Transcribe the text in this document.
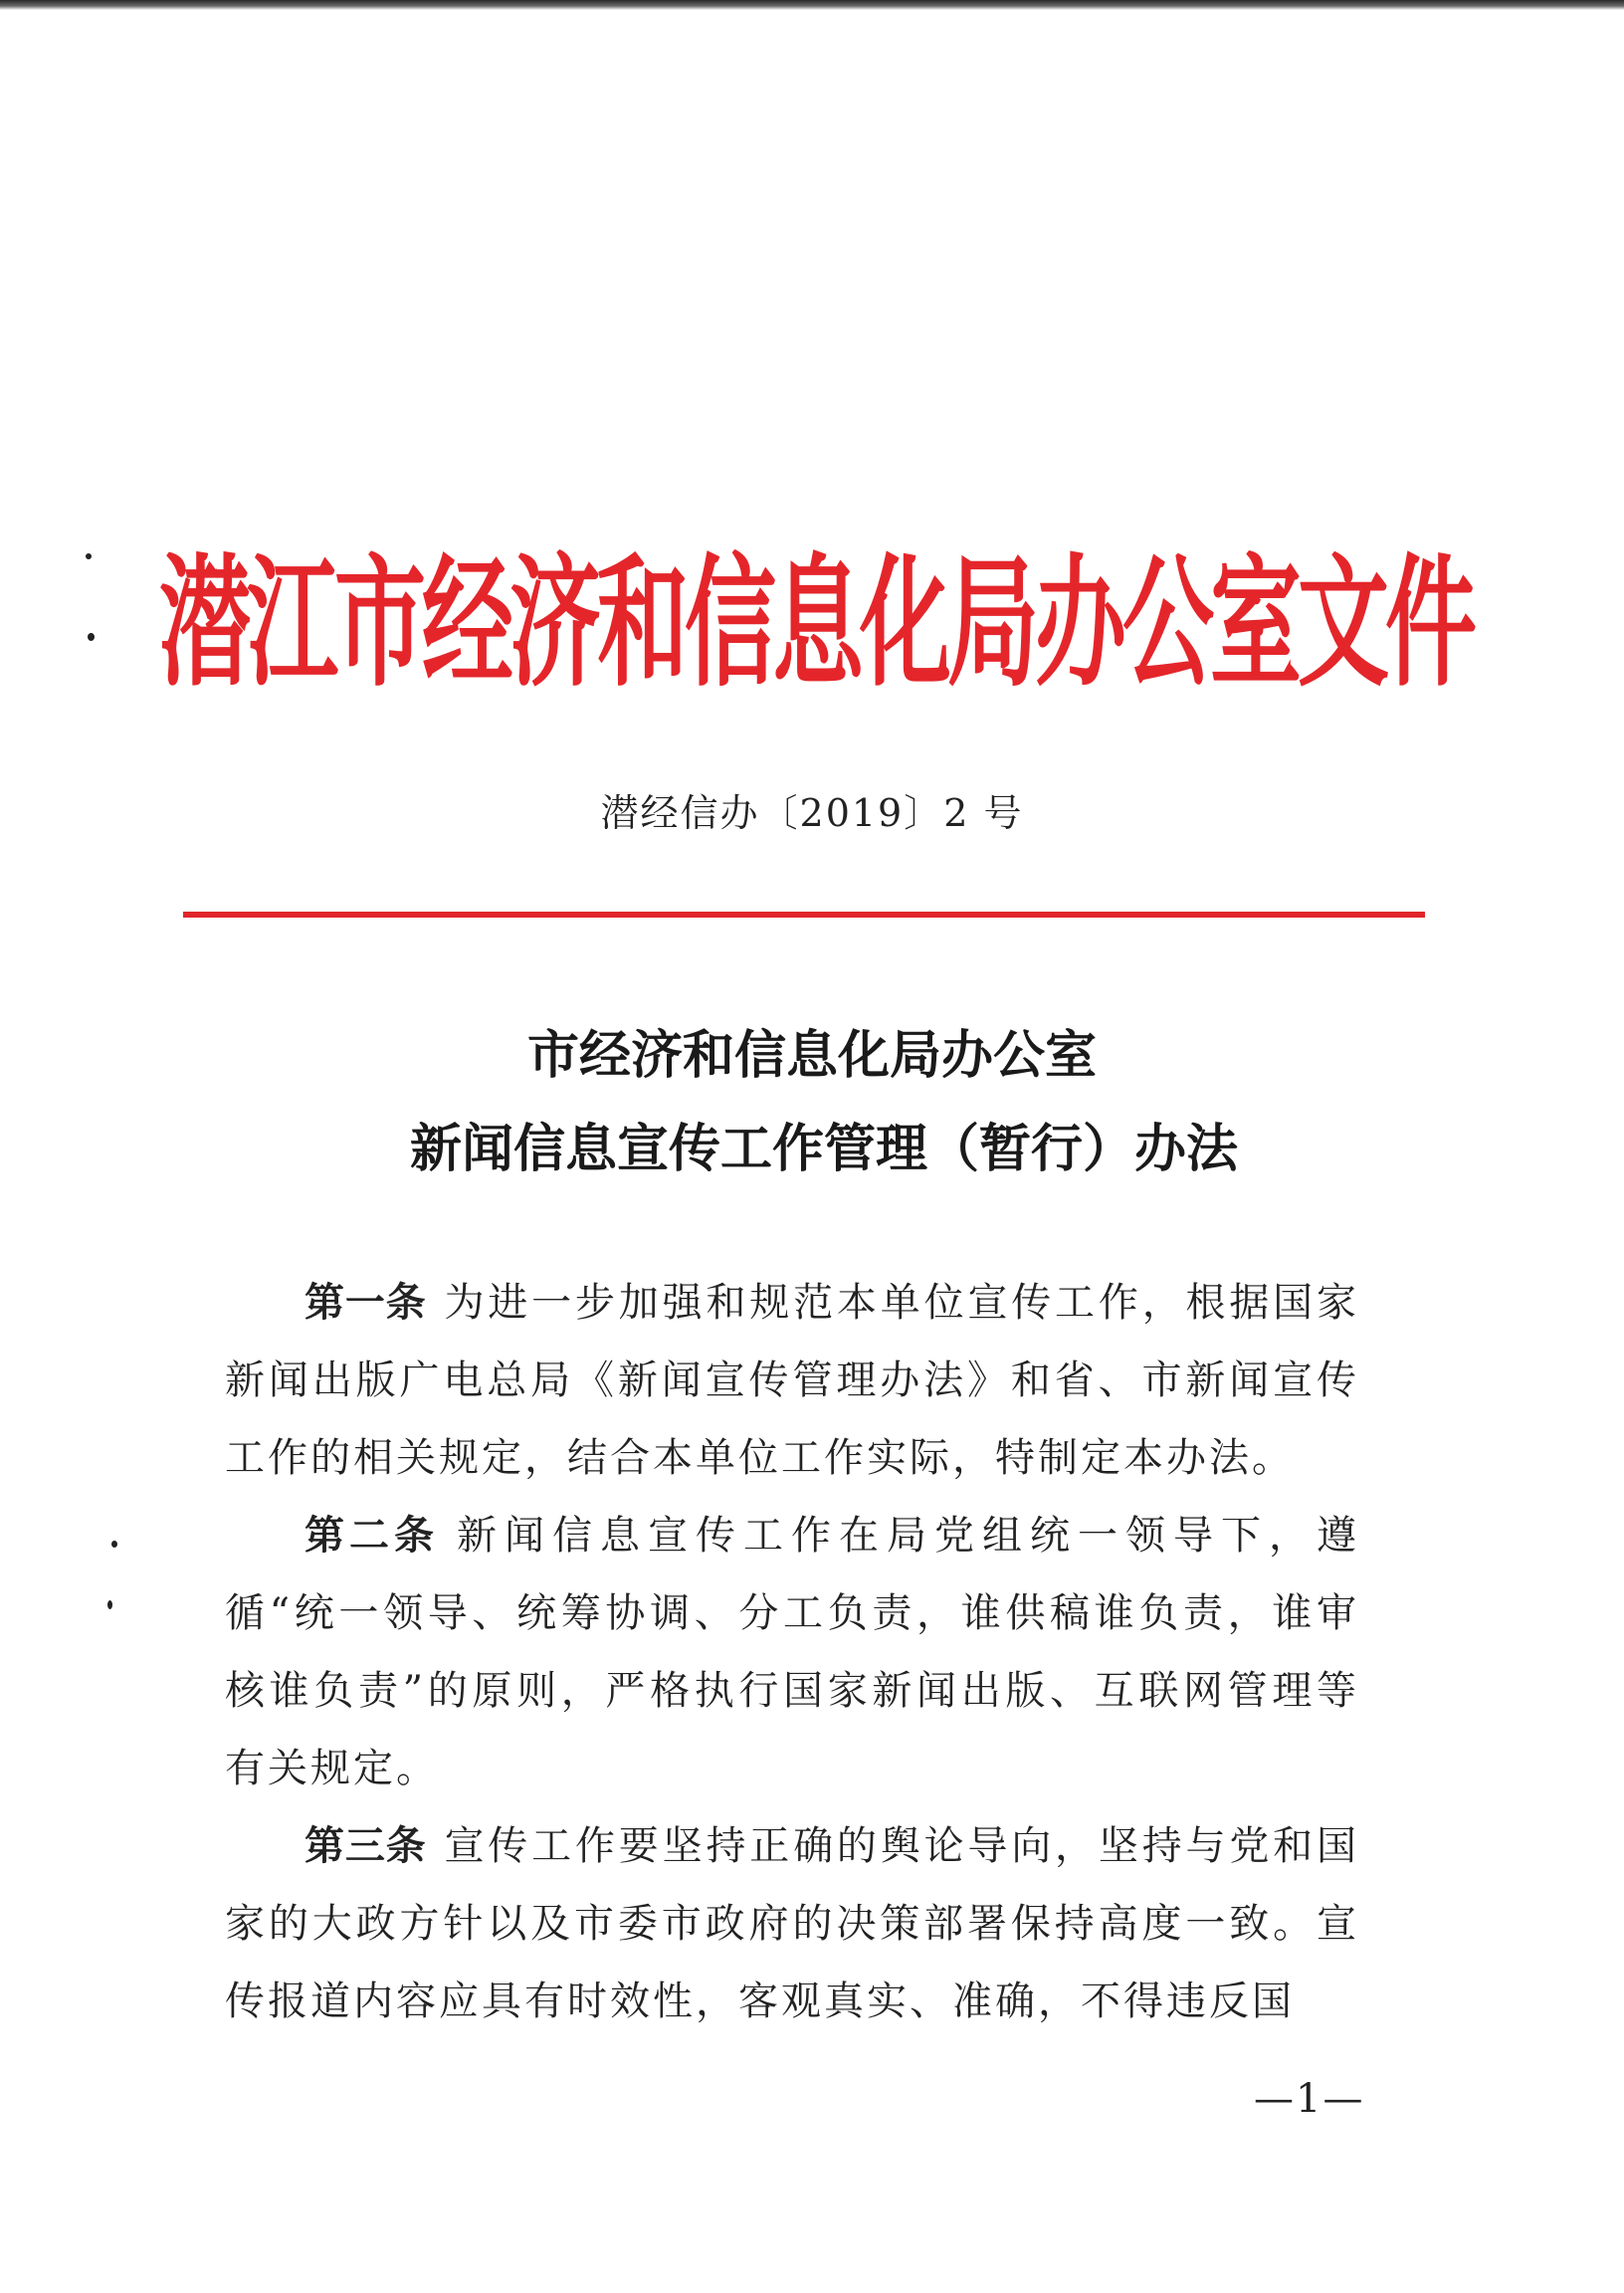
潜江市经济和信息化局办公室文件
潜经信办〔2019〕2 号
市经济和信息化局办公室
新闻信息宣传工作管理（暂行）办法

第一条 为进一步加强和规范本单位宣传工作，根据国家新闻出版广电总局《新闻宣传管理办法》和省、市新闻宣传工作的相关规定，结合本单位工作实际，特制定本办法。

第二条 新闻信息宣传工作在局党组统一领导下，遵循“统一领导、统筹协调、分工负责，谁供稿谁负责，谁审核谁负责”的原则，严格执行国家新闻出版、互联网管理等有关规定。

第三条 宣传工作要坚持正确的舆论导向，坚持与党和国家的大政方针以及市委市政府的决策部署保持高度一致。宣传报道内容应具有时效性，客观真实、准确，不得违反国

—1—
